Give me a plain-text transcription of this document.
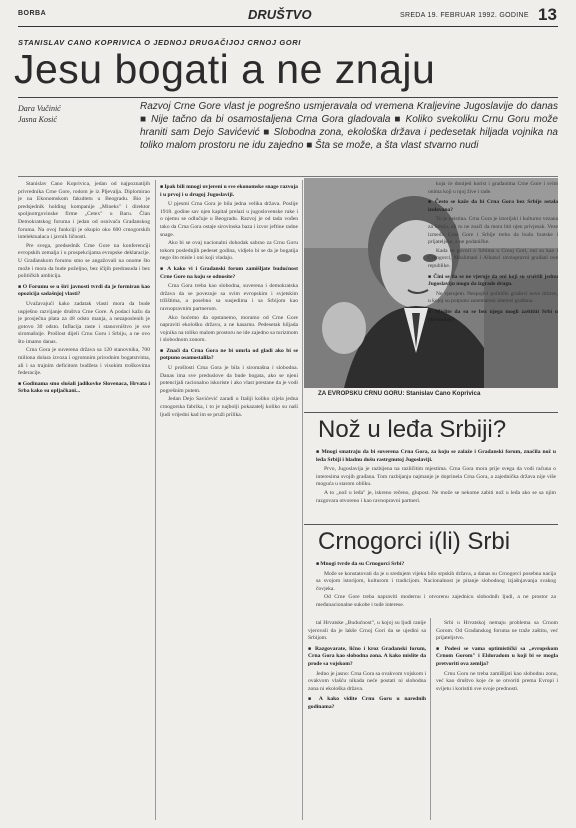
BORBA	DRUŠTVO	SREDA 19. FEBRUAR 1992. GODINE 13
STANISLAV CANO KOPRIVICA O JEDNOJ DRUGAČIJOJ CRNOJ GORI
Jesu bogati a ne znaju
Dara Vučinić
Jasna Kosić
Razvoj Crne Gore vlast je pogrešno usmjeravala od vremena Kraljevine Jugoslavije do danas ■ Nije tačno da bi osamostaljena Crna Gora gladovala ■ Koliko svekoliku Crnu Goru može hraniti sam Dejo Savićević ■ Slobodna zona, ekološka država i pedesetak hiljada vojnika na toliko malom prostoru ne idu zajedno ■ Šta se može, a šta vlast stvarno nudi

Stanislav Cano Koprivica, jedan od najpoznatijih privrednika Crne Gore, rodom je iz Pljevalja. Diplomirao je na Ekonomskom fakultetu u Beogradu. Bio je predsjednik holding kompanije „Mineks" i direktor spoljnotrgovinske firme „Cetex" u Baru. Član Demokratskog foruma i jedan od osnivača Građanskog foruma. Na ovoj funkciji je okupio oko 600 crnogorskih intelektualaca i javnih ličnosti.

Pre svega, predsednik Crne Gore na konferenciji evropskih zemalja i u prospekcijama evropske deklaracije. U Građanskom forumu smo se angažovali na onome što može i mora da bude poželjno, bez ičijih predrasuda i bez političkih ambicija.

■ O Forumu se u širi javnosti tvrdi da je formiran kao opozicija sadašnjoj vlasti?

Uvažavajući kako zadatak vlasti mora da bude uspješno razvijanje društva Crne Gore. A podaci kažu da je prosječna plata za 48 odsto manja, a nezaposlenih je gotovo 30 odsto. Inflacija raste i stanovništvo je sve siromašnije. Prošlost dijeli Crnu Goru i Srbiju, a ne ovo što imamo danas.

Crna Gora je suverena država sa 120 stanovnika, 700 miliona dolara izvoza i ogromnim prirodnim bogatstvima, ali i sa trajnim deficitom budžeta i visokim troškovima federacije.

■ Godinama smo slušali jadikovke Slovenaca, Hrvata i Srba kako su opljačkani...

■ Ipak bili mnogi uvjereni u sve ekonomske snage razvoja i u prvoj i u drugoj Jugoslaviji.

U pjesmi Crna Gora je bila jedna velika država. Poslije 1918. godine sav njen kapital prelazi u jugoslovenske ruke i o njemu se odlučuje u Beogradu. Razvoj je od tada vođen tako da Crna Gora ostaje sirovinska baza i izvor jeftine radne snage.

Ako bi se ovaj nacionalni dohodak sabrao za Crnu Goru tokom poslednjih pedeset godina, vidjelo bi se da je bogatija nego što misle i oni koji vladaju.

■ A kako vi i Građanski forum zamišljate budućnost Crne Gore na koju se odnosite?

Crna Gora treba kao slobodna, suverena i demokratska država da se povezuje sa svim evropskim i svjetskim tržištima, a posebno sa susjedima i sa Srbijom kao ravnopravnim partnerom.

Ako hoćemo da opstanemo, moramo od Crne Gore napraviti ekološku državu, a ne kasarnu. Pedesetak hiljada vojnika na toliko malom prostoru ne ide zajedno sa turizmom i slobodnom zonom.

■ Znači da Crna Gora ne bi umrla od gladi ako bi se potpuno osamostalila?

U prošlosti Crna Gora je bila i siromašna i slobodna. Danas ima sve preduslove da bude bogata, ako se njeni potencijali racionalno iskoriste i ako vlast prestane da je vodi pogrešnim putem.

Jedan Dejo Savićević zaradi u Italiji koliko cijela jedna crnogorska fabrika, i to je najbolji pokazatelj koliko su naši ljudi vrijedni kad im se pruži prilika.

koja će donijeti korist i građanima Crne Gore i svim onima koji u njoj žive i rade.

■ Često se kaže da bi Crna Gora bez Srbije ostala izolovana?

To je neistina. Crna Gora je istorijski i kulturno vezana za Srbiju, ali to ne znači da mora biti njen privjesak. Veze između Crne Gore i Srbije treba da budu bratske i prijateljske, a ne podaničke.

Kada se govori o Srbima u Crnoj Gori, oni su kao i Crnogorci, Muslimani i Albanci ravnopravni građani ove republike.

■ Čini se da se ne vjeruje da oni koji su sruštili jednu Jugoslaviju mogu da izgrade drugu.

Ne vjerujem. Nespojivi politički gradovi nove države, u kojoj su potpuno zanemareni interesi građana.

■ Mislite da su se bez njega mogli zaštititi Srbi u Hrvatskoj?

ZA EVROPSKU CRNU GORU: Stanislav Cano Koprivica
Nož u leđa Srbiji?

■ Mnogi smatraju da bi suverena Crna Gora, za koju se zalaže i Građanski forum, značila nož u leđa Srbiji i hladnu dušu rastrgnutoj Jugoslaviji.

Prvo, Jugoslavija je razbijena na različitim mjestima. Crna Gora mora prije svega da vodi računa o interesima svojih građana. Tom razbijanju najmanje je doprinela Crna Gora, a zajednička država nije više moguća u starom obliku.

A to „nož u leđa" je, iskreno rečeno, glupost. Ne može se nekome zabiti nož u leđa ako se sa njim razgovara otvoreno i kao ravnopravni partneri.

Crnogorci i(li) Srbi

■ Mnogi tvrde da su Crnogorci Srbi?

Može se konstatovati da je u srednjem vijeku bilo srpskih država, a danas su Crnogorci posebna nacija sa svojom istorijom, kulturom i tradicijom. Nacionalnost je pitanje slobodnog izjašnjavanja svakog čovjeka.

Od Crne Gore treba napraviti modernu i otvorenu zajednicu slobodnih ljudi, a ne prostor za međunacionalne sukobe i tuđe interese.

tal Hrvatske „Budućnost", u kojoj su ljudi ranije vjerovali da je lakše Crnoj Gori da se ujedini sa Srbijom.

■ Razgovarate, lično i kroz Građanski forum, Crna Gora kao slobodna zona. A kako mislite da prođe sa vojskom?

Jedno je jasno: Crna Gora sa ovakvom vojskom i ovakvom vlašću nikada neće postati ni slobodna zona ni ekološka država.

■ A kako vidite Crnu Goru u narednih godinama?

Srbi u Hrvatskoj nemaju problema sa Crnom Gorom. Od Građanskog foruma ne traže zaštitu, već prijateljstvo.

■ Podesi se vama optimistički sa „evropskom Crnom Gorom" i Eldoradom u koji bi se mogla pretvoriti ova zemlja?

Crnu Goru ne treba zamišljati kao slobodnu zonu, već kao društvo koje će se otvoriti prema Evropi i svijetu i koristiti sve svoje prednosti.
